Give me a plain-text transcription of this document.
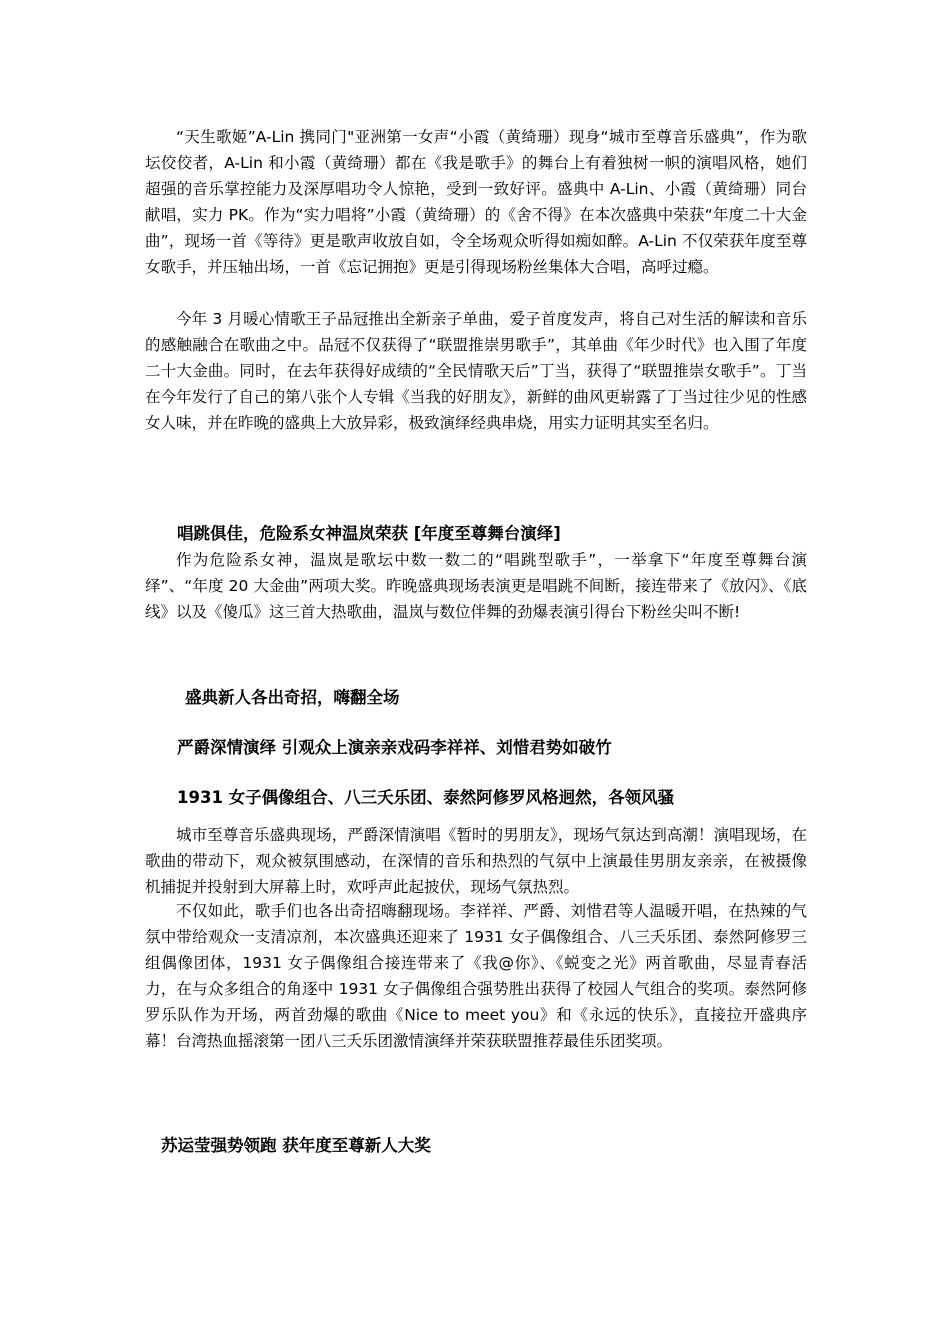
“天生歌姬”A-Lin 携同门"亚洲第一女声“小霞（黄绮珊）现身“城市至尊音乐盛典”，作为歌坛佼佼者，A-Lin 和小霞（黄绮珊）都在《我是歌手》的舞台上有着独树一帜的演唱风格，她们超强的音乐掌控能力及深厚唱功令人惊艳，受到一致好评。盛典中 A-Lin、小霞（黄绮珊）同台献唱，实力 PK。作为“实力唱将”小霞（黄绮珊）的《舍不得》在本次盛典中荣获“年度二十大金曲”，现场一首《等待》更是歌声收放自如，令全场观众听得如痴如醉。A-Lin 不仅荣获年度至尊女歌手，并压轴出场，一首《忘记拥抱》更是引得现场粉丝集体大合唱，高呼过瘾。

今年 3 月暖心情歌王子品冠推出全新亲子单曲，爱子首度发声，将自己对生活的解读和音乐的感触融合在歌曲之中。品冠不仅获得了“联盟推崇男歌手”，其单曲《年少时代》也入围了年度二十大金曲。同时，在去年获得好成绩的“全民情歌天后”丁当，获得了“联盟推崇女歌手”。丁当在今年发行了自己的第八张个人专辑《当我的好朋友》，新鲜的曲风更崭露了丁当过往少见的性感女人味，并在昨晚的盛典上大放异彩，极致演绎经典串烧，用实力证明其实至名归。

唱跳俱佳，危险系女神温岚荣获 [年度至尊舞台演绎]

作为危险系女神，温岚是歌坛中数一数二的“唱跳型歌手”，一举拿下“年度至尊舞台演绎”、“年度 20 大金曲”两项大奖。昨晚盛典现场表演更是唱跳不间断，接连带来了《放闪》、《底线》以及《傻瓜》这三首大热歌曲，温岚与数位伴舞的劲爆表演引得台下粉丝尖叫不断!

盛典新人各出奇招，嗨翻全场
严爵深情演绎 引观众上演亲亲戏码李祥祥、刘惜君势如破竹
1931 女子偶像组合、八三夭乐团、泰然阿修罗风格迥然，各领风骚

城市至尊音乐盛典现场，严爵深情演唱《暂时的男朋友》，现场气氛达到高潮！演唱现场，在歌曲的带动下，观众被氛围感动，在深情的音乐和热烈的气氛中上演最佳男朋友亲亲，在被摄像机捕捉并投射到大屏幕上时，欢呼声此起披伏，现场气氛热烈。

不仅如此，歌手们也各出奇招嗨翻现场。李祥祥、严爵、刘惜君等人温暖开唱，在热辣的气氛中带给观众一支清凉剂，本次盛典还迎来了 1931 女子偶像组合、八三夭乐团、泰然阿修罗三组偶像团体，1931 女子偶像组合接连带来了《我@你》、《蜕变之光》两首歌曲，尽显青春活力，在与众多组合的角逐中 1931 女子偶像组合强势胜出获得了校园人气组合的奖项。泰然阿修罗乐队作为开场，两首劲爆的歌曲《Nice to meet you》和《永远的快乐》，直接拉开盛典序幕！台湾热血摇滚第一团八三夭乐团激情演绎并荣获联盟推荐最佳乐团奖项。

苏运莹强势领跑 获年度至尊新人大奖
